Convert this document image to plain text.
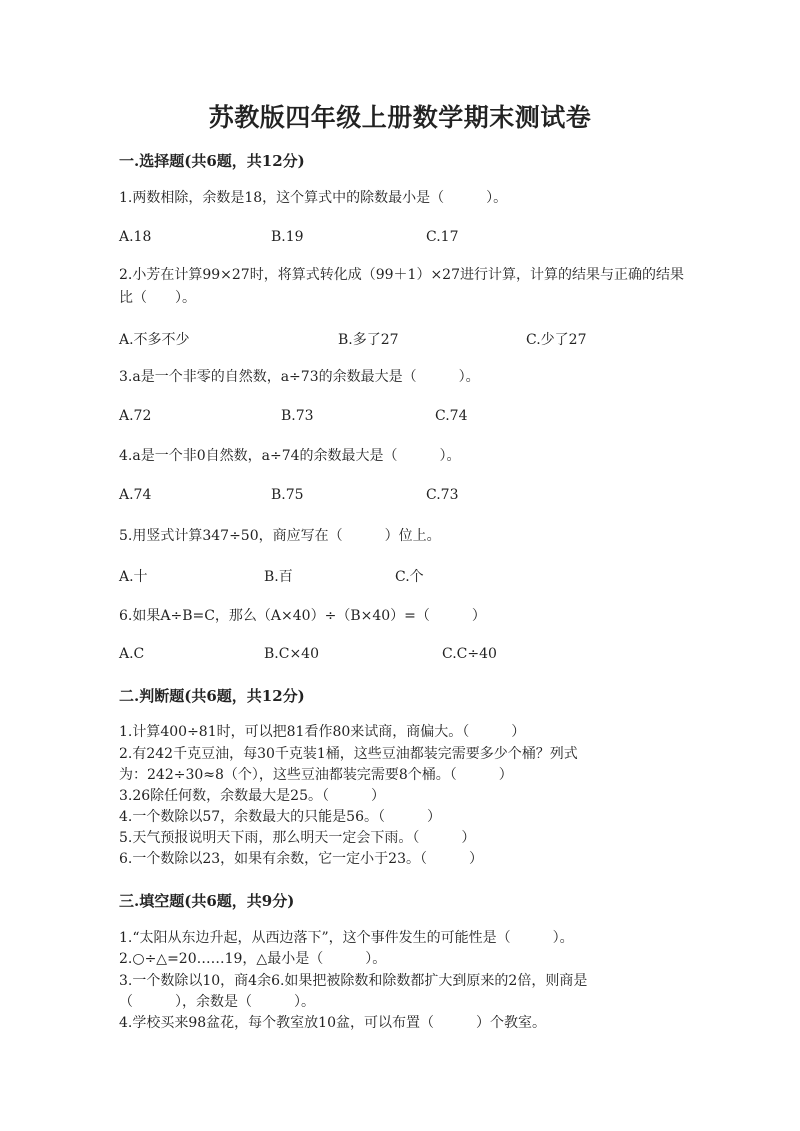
苏教版四年级上册数学期末测试卷
一.选择题(共6题，共12分)
1.两数相除，余数是18，这个算式中的除数最小是（　　　）。
A.18	B.19	C.17
2.小芳在计算99×27时，将算式转化成（99＋1）×27进行计算，计算的结果与正确的结果比（　　）。
A.不多不少	B.多了27	C.少了27
3.a是一个非零的自然数，a÷73的余数最大是（　　　）。
A.72	B.73	C.74
4.a是一个非0自然数，a÷74的余数最大是（　　　）。
A.74	B.75	C.73
5.用竖式计算347÷50，商应写在（　　　）位上。
A.十	B.百	C.个
6.如果A÷B=C，那么（A×40）÷（B×40）=（　　　）
A.C	B.C×40	C.C÷40
二.判断题(共6题，共12分)
1.计算400÷81时，可以把81看作80来试商，商偏大。（　　　）
2.有242千克豆油，每30千克装1桶，这些豆油都装完需要多少个桶？列式
为：242÷30≈8（个），这些豆油都装完需要8个桶。（　　　）
3.26除任何数，余数最大是25。（　　　）
4.一个数除以57，余数最大的只能是56。（　　　）
5.天气预报说明天下雨，那么明天一定会下雨。（　　　）
6.一个数除以23，如果有余数，它一定小于23。（　　　）
三.填空题(共6题，共9分)
1.“太阳从东边升起，从西边落下”，这个事件发生的可能性是（　　　）。
2.○÷△=20……19，△最小是（　　　）。
3.一个数除以10，商4余6.如果把被除数和除数都扩大到原来的2倍，则商是
（　　　），余数是（　　　）。
4.学校买来98盆花，每个教室放10盆，可以布置（　　　）个教室。
